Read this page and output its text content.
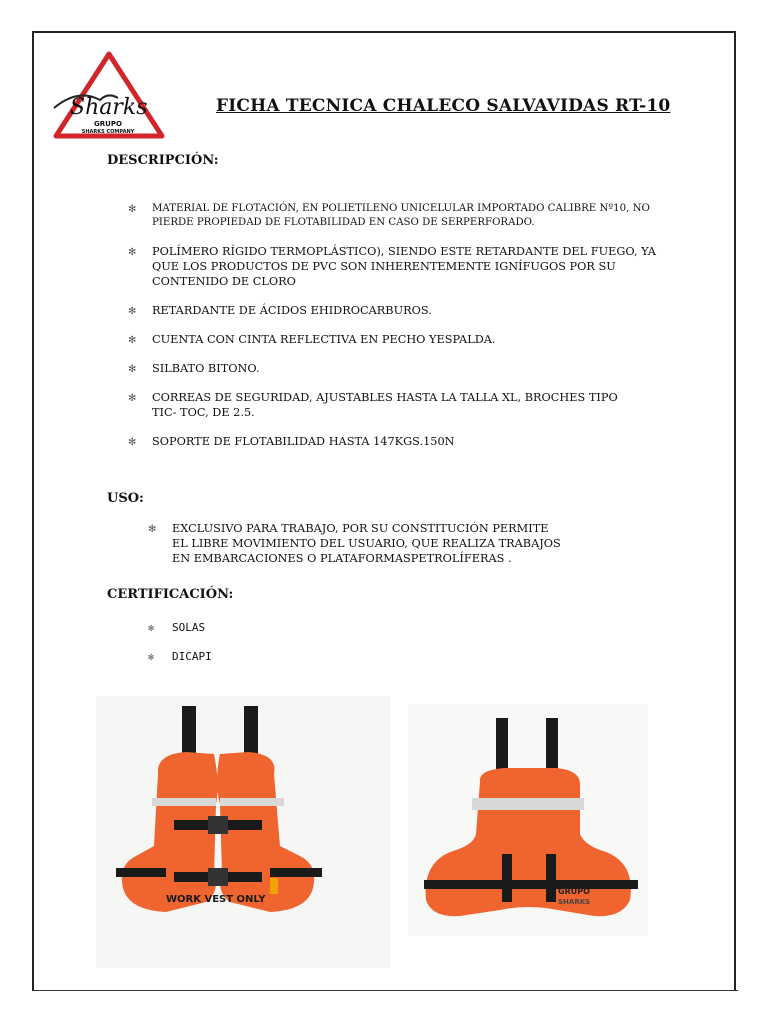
Sharks
GRUPO
SHARKS COMPANY
FICHA TECNICA CHALECO SALVAVIDAS RT-10
DESCRIPCIÓN:
✻ MATERIAL DE FLOTACIÓN, EN POLIETILENO UNICELULAR IMPORTADO CALIBRE Nº10, NO
PIERDE PROPIEDAD DE FLOTABILIDAD EN CASO DE SERPERFORADO.
✻ POLÍMERO RÍGIDO TERMOPLÁSTICO), SIENDO ESTE RETARDANTE DEL FUEGO, YA
QUE LOS PRODUCTOS DE PVC SON INHERENTEMENTE IGNÍFUGOS POR SU
CONTENIDO DE CLORO
✻ RETARDANTE DE ÁCIDOS EHIDROCARBUROS.
✻ CUENTA CON CINTA REFLECTIVA EN PECHO YESPALDA.
✻ SILBATO BITONO.
✻ CORREAS DE SEGURIDAD, AJUSTABLES HASTA LA TALLA XL, BROCHES TIPO
TIC- TOC, DE 2.5.
✻ SOPORTE DE FLOTABILIDAD HASTA 147KGS.150N
USO:
✻ EXCLUSIVO PARA TRABAJO, POR SU CONSTITUCIÓN PERMITE
EL LIBRE MOVIMIENTO DEL USUARIO, QUE REALIZA TRABAJOS
EN EMBARCACIONES O PLATAFORMASPETROLÍFERAS .
CERTIFICACIÓN:
✻ SOLAS
✻ DICAPI
WORK VEST ONLY
GRUPO
SHARKS
